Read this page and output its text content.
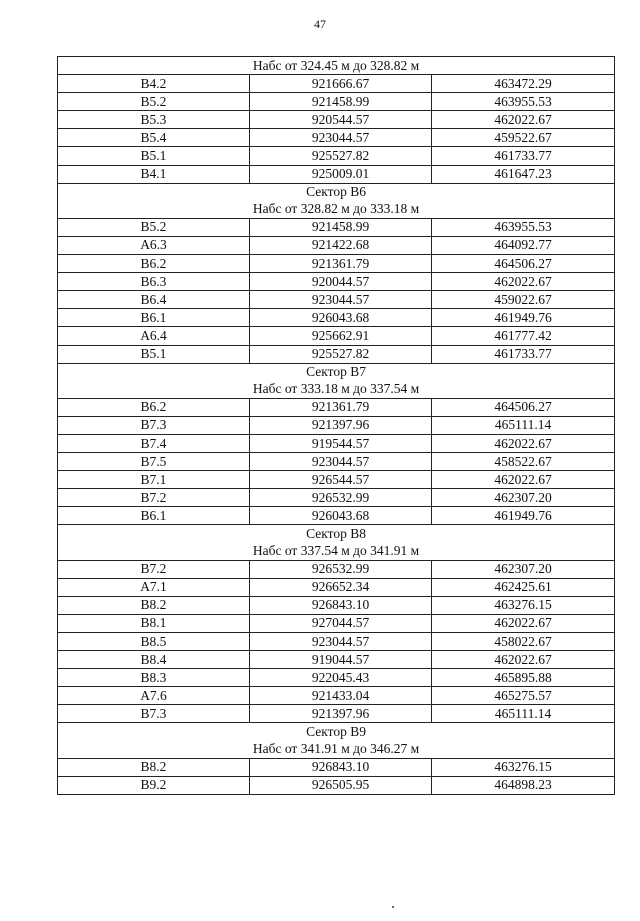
47
Набс от 324.45 м до 328.82 м		
В4.2	921666.67	463472.29
В5.2	921458.99	463955.53
В5.3	920544.57	462022.67
В5.4	923044.57	459522.67
В5.1	925527.82	461733.77
В4.1	925009.01	461647.23
Сектор В6		
Набс от 328.82 м до 333.18 м		
В5.2	921458.99	463955.53
А6.3	921422.68	464092.77
В6.2	921361.79	464506.27
В6.3	920044.57	462022.67
В6.4	923044.57	459022.67
В6.1	926043.68	461949.76
А6.4	925662.91	461777.42
В5.1	925527.82	461733.77
Сектор В7		
Набс от 333.18 м до 337.54 м		
В6.2	921361.79	464506.27
В7.3	921397.96	465111.14
В7.4	919544.57	462022.67
В7.5	923044.57	458522.67
В7.1	926544.57	462022.67
В7.2	926532.99	462307.20
В6.1	926043.68	461949.76
Сектор В8		
Набс от 337.54 м до 341.91 м		
В7.2	926532.99	462307.20
А7.1	926652.34	462425.61
В8.2	926843.10	463276.15
В8.1	927044.57	462022.67
В8.5	923044.57	458022.67
В8.4	919044.57	462022.67
В8.3	922045.43	465895.88
А7.6	921433.04	465275.57
В7.3	921397.96	465111.14
Сектор В9		
Набс от 341.91 м до 346.27 м		
В8.2	926843.10	463276.15
В9.2	926505.95	464898.23
